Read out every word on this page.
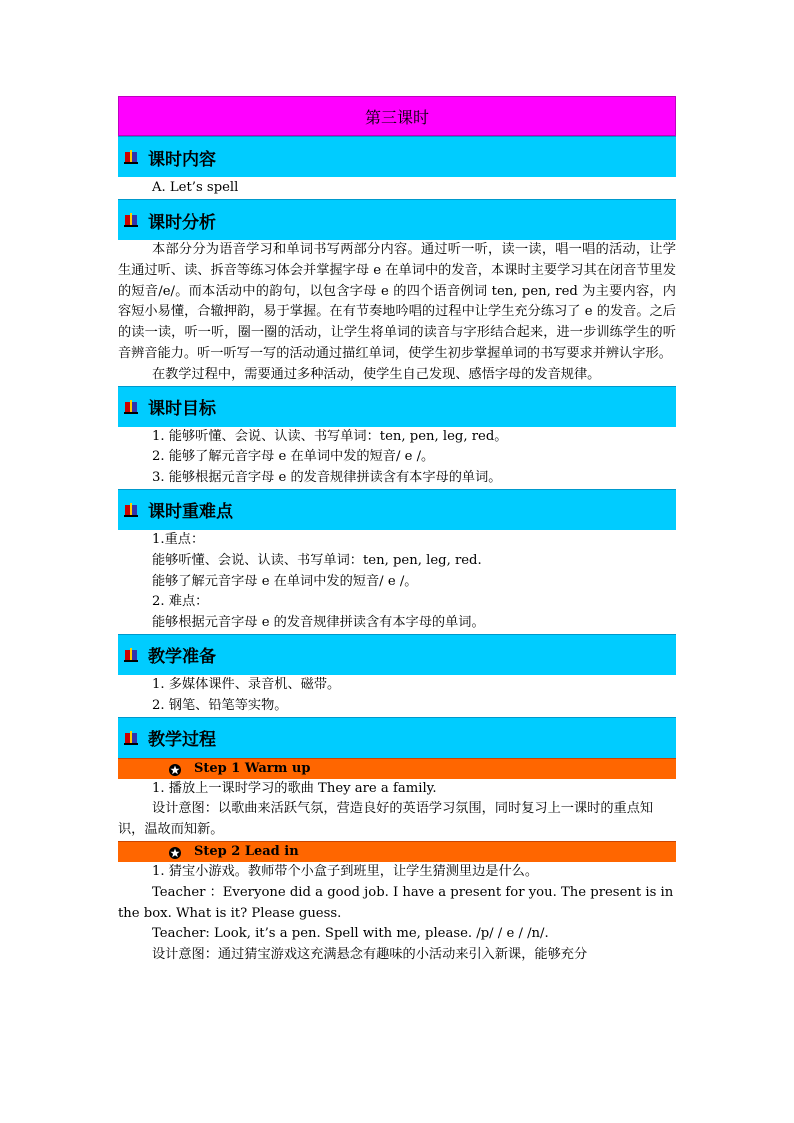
第三课时
课时内容
A. Let’s spell
课时分析
本部分分为语音学习和单词书写两部分内容。通过听一听，读一读，唱一唱的活动，让学生通过听、读、拆音等练习体会并掌握字母 e 在单词中的发音，本课时主要学习其在闭音节里发的短音/e/。而本活动中的韵句，以包含字母 e 的四个语音例词 ten, pen, red 为主要内容，内容短小易懂，合辙押韵，易于掌握。在有节奏地吟唱的过程中让学生充分练习了 e 的发音。之后的读一读，听一听，圈一圈的活动，让学生将单词的读音与字形结合起来，进一步训练学生的听音辨音能力。听一听写一写的活动通过描红单词，使学生初步掌握单词的书写要求并辨认字形。
在教学过程中，需要通过多种活动，使学生自己发现、感悟字母的发音规律。
课时目标
1. 能够听懂、会说、认读、书写单词：ten, pen, leg, red。
2. 能够了解元音字母 e 在单词中发的短音/ e /。
3. 能够根据元音字母 e 的发音规律拼读含有本字母的单词。
课时重难点
1.重点：
能够听懂、会说、认读、书写单词：ten, pen, leg, red.
能够了解元音字母 e 在单词中发的短音/ e /。
2. 难点：
能够根据元音字母 e 的发音规律拼读含有本字母的单词。
教学准备
1. 多媒体课件、录音机、磁带。
2. 钢笔、铅笔等实物。
教学过程
Step 1 Warm up
1. 播放上一课时学习的歌曲 They are a family.
设计意图：以歌曲来活跃气氛，营造良好的英语学习氛围，同时复习上一课时的重点知识，温故而知新。
Step 2 Lead in
1. 猜宝小游戏。教师带个小盒子到班里，让学生猜测里边是什么。
Teacher ：Everyone did a good job. I have a present for you. The present is in the box. What is it? Please guess.
Teacher: Look, it’s a pen. Spell with me, please. /p/ / e / /n/.
设计意图：通过猜宝游戏这充满悬念有趣味的小活动来引入新课，能够充分
